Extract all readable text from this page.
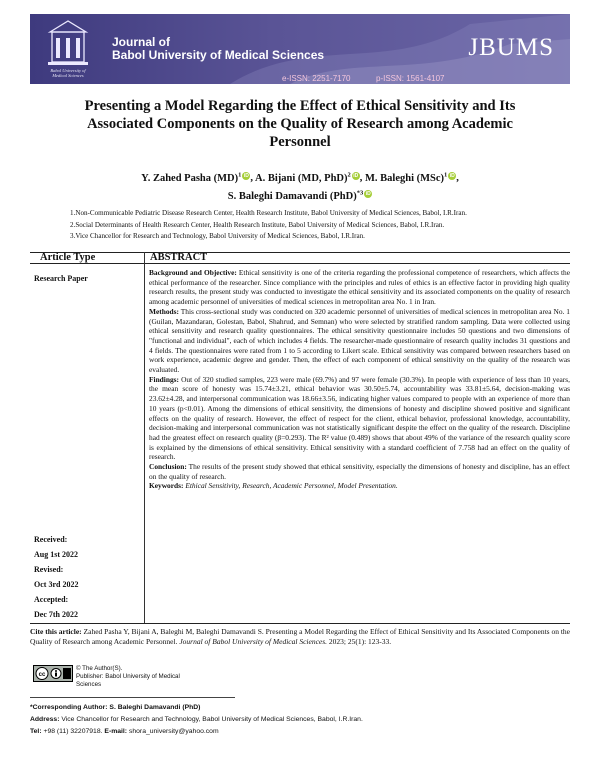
Babol University of
Medical Sciences
Journal of
Babol University of Medical Sciences
e-ISSN: 2251-7170	p-ISSN: 1561-4107
JBUMS
Presenting a Model Regarding the Effect of Ethical Sensitivity and Its Associated Components on the Quality of Research among Academic Personnel
Y. Zahed Pasha (MD)$^1$ iD , A. Bijani (MD, PhD)$^2$ iD , M. Baleghi (MSc)$^1$ iD ,
S. Baleghi Damavandi (PhD)$^{*3}$ iD
1.Non-Communicable Pediatric Disease Research Center, Health Research Institute, Babol University of Medical Sciences, Babol, I.R.Iran.
2.Social Determinants of Health Research Center, Health Research Institute, Babol University of Medical Sciences, Babol, I.R.Iran.
3.Vice Chancellor for Research and Technology, Babol University of Medical Sciences, Babol, I.R.Iran.
Article Type	ABSTRACT
Research Paper
Received:
Aug 1st 2022
Revised:
Oct 3rd 2022
Accepted:
Dec 7th 2022

Background and Objective: Ethical sensitivity is one of the criteria regarding the professional competence of researchers, which affects the ethical performance of the researcher. Since compliance with the principles and rules of ethics is an effective factor in providing high quality research results, the present study was conducted to investigate the ethical sensitivity and its associated components on the quality of research among academic personnel of universities of medical sciences in metropolitan area No. 1 in Iran.

Methods: This cross-sectional study was conducted on 320 academic personnel of universities of medical sciences in metropolitan area No. 1 (Guilan, Mazandaran, Golestan, Babol, Shahrud, and Semnan) who were selected by stratified random sampling. Data were collected using ethical sensitivity and research quality questionnaires. The ethical sensitivity questionnaire includes 50 questions and two dimensions of "functional and individual", each of which includes 4 fields. The researcher-made questionnaire of research quality includes 31 questions and 4 fields. The questionnaires were rated from 1 to 5 according to Likert scale. Ethical sensitivity was compared between researchers based on work experience, academic degree and gender. Then, the effect of each component of ethical sensitivity on the quality of the research was evaluated.

Findings: Out of 320 studied samples, 223 were male (69.7%) and 97 were female (30.3%). In people with experience of less than 10 years, the mean score of honesty was 15.74±3.21, ethical behavior was 30.50±5.74, accountability was 33.81±5.64, decision-making was 23.62±4.28, and interpersonal communication was 18.66±3.56, indicating higher values compared to people with an experience of more than 10 years (p<0.01). Among the dimensions of ethical sensitivity, the dimensions of honesty and discipline showed positive and significant effects on the quality of research. However, the effect of respect for the client, ethical behavior, professional knowledge, accountability, decision-making and interpersonal communication was not statistically significant despite the effect on the quality of the research. Discipline had the greatest effect on research quality (β=0.293). The R² value (0.489) shows that about 49% of the variance of the research quality score is explained by the dimensions of ethical sensitivity. Ethical sensitivity with a standard coefficient of 7.758 had an effect on the quality of research.

Conclusion: The results of the present study showed that ethical sensitivity, especially the dimensions of honesty and discipline, has an effect on the quality of research.

Keywords: Ethical Sensitivity, Research, Academic Personnel, Model Presentation.

Cite this article: Zahed Pasha Y, Bijani A, Baleghi M, Baleghi Damavandi S. Presenting a Model Regarding the Effect of Ethical Sensitivity and Its Associated Components on the Quality of Research among Academic Personnel. Journal of Babol University of Medical Sciences. 2023; 25(1): 123-33.
cc
© The Author(S).
Publisher: Babol University of Medical Sciences
*Corresponding Author: S. Baleghi Damavandi (PhD)
Address: Vice Chancellor for Research and Technology, Babol University of Medical Sciences, Babol, I.R.Iran.
Tel: +98 (11) 32207918. E-mail: shora_university@yahoo.com
